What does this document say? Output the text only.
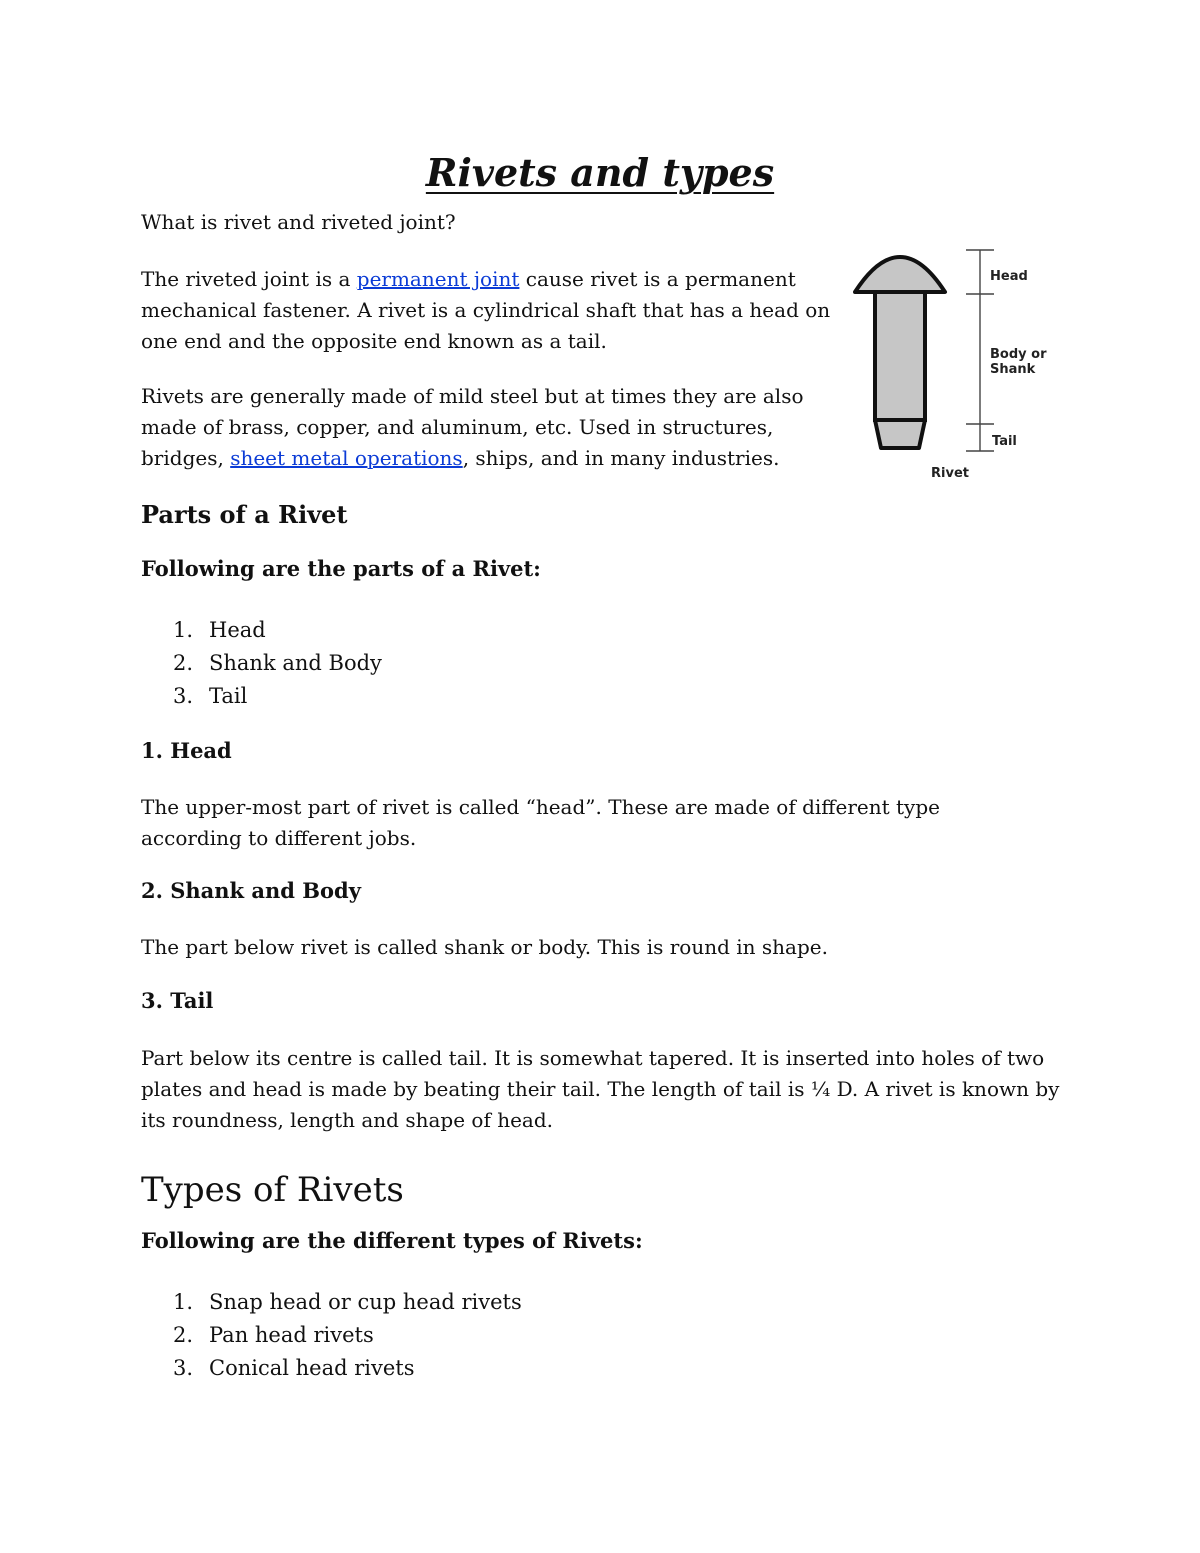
Rivets and types

What is rivet and riveted joint?

The riveted joint is a permanent joint cause rivet is a permanent mechanical fastener. A rivet is a cylindrical shaft that has a head on one end and the opposite end known as a tail.

Rivets are generally made of mild steel but at times they are also made of brass, copper, and aluminum, etc. Used in structures, bridges, sheet metal operations, ships, and in many industries.

Head
Body or
Shank
Tail
Rivet
Parts of a Rivet

Following are the parts of a Rivet:

1. Head
2. Shank and Body
3. Tail

1. Head

The upper-most part of rivet is called “head”. These are made of different type according to different jobs.

2. Shank and Body

The part below rivet is called shank or body. This is round in shape.

3. Tail

Part below its centre is called tail. It is somewhat tapered. It is inserted into holes of two plates and head is made by beating their tail. The length of tail is ¼ D. A rivet is known by its roundness, length and shape of head.

Types of Rivets

Following are the different types of Rivets:

1. Snap head or cup head rivets
2. Pan head rivets
3. Conical head rivets
